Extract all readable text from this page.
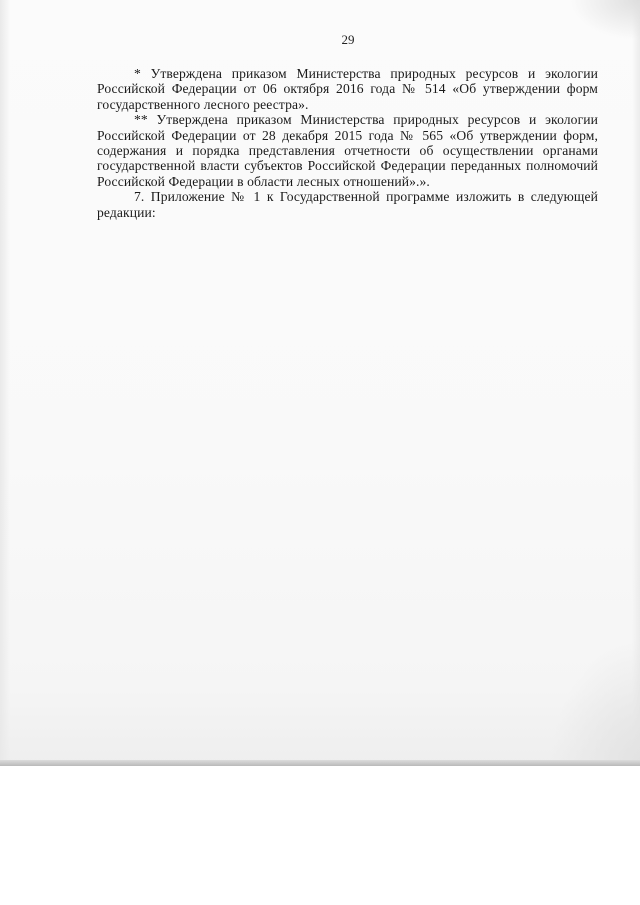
29

* Утверждена приказом Министерства природных ресурсов и экологии Российской Федерации от 06 октября 2016 года № 514 «Об утверждении форм государственного лесного реестра».

** Утверждена приказом Министерства природных ресурсов и экологии Российской Федерации от 28 декабря 2015 года № 565 «Об утверждении форм, содержания и порядка представления отчетности об осуществлении органами государственной власти субъектов Российской Федерации переданных полномочий Российской Федерации в области лесных отношений».».

7. Приложение № 1 к Государственной программе изложить в следующей редакции:
